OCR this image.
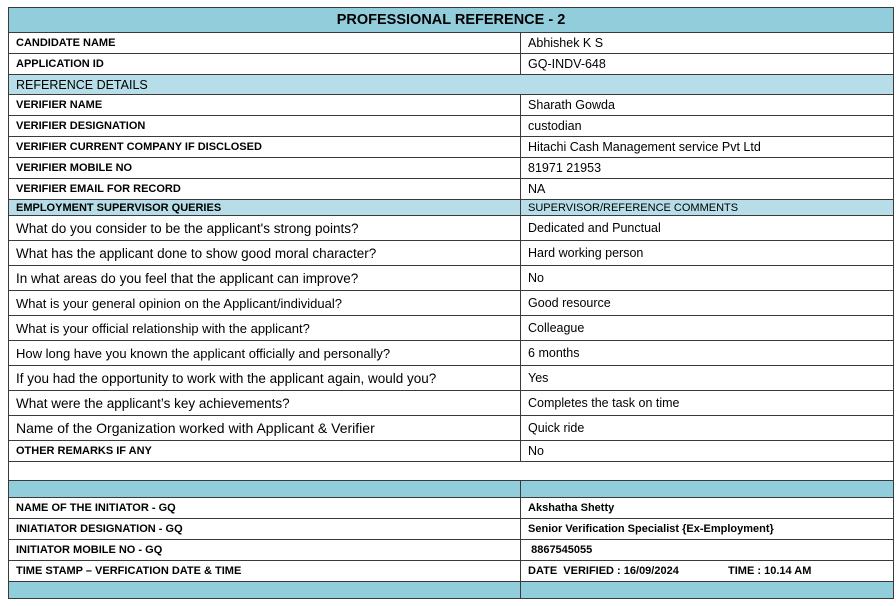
PROFESSIONAL REFERENCE - 2	
CANDIDATE NAME	Abhishek K S
APPLICATION ID	GQ-INDV-648
REFERENCE DETAILS	
VERIFIER NAME	Sharath Gowda
VERIFIER DESIGNATION	custodian
VERIFIER CURRENT COMPANY IF DISCLOSED	Hitachi Cash Management service Pvt Ltd
VERIFIER MOBILE NO	81971 21953
VERIFIER EMAIL FOR RECORD	NA
EMPLOYMENT SUPERVISOR QUERIES	SUPERVISOR/REFERENCE COMMENTS
What do you consider to be the applicant's strong points?	Dedicated and Punctual
What has the applicant done to show good moral character?	Hard working person
In what areas do you feel that the applicant can improve?	No
What is your general opinion on the Applicant/individual?	Good resource
What is your official relationship with the applicant?	Colleague
How long have you known the applicant officially and personally?	6 months
If you had the opportunity to work with the applicant again, would you?	Yes
What were the applicant’s key achievements?	Completes the task on time
Name of the Organization worked with Applicant & Verifier	Quick ride
OTHER REMARKS IF ANY	No

NAME OF THE INITIATOR - GQ	Akshatha Shetty
INIATIATOR DESIGNATION - GQ	Senior Verification Specialist {Ex-Employment}
INITIATOR MOBILE NO - GQ	8867545055
TIME STAMP – VERFICATION DATE & TIME	DATE  VERIFIED : 16/09/2024 TIME : 10.14 AM
